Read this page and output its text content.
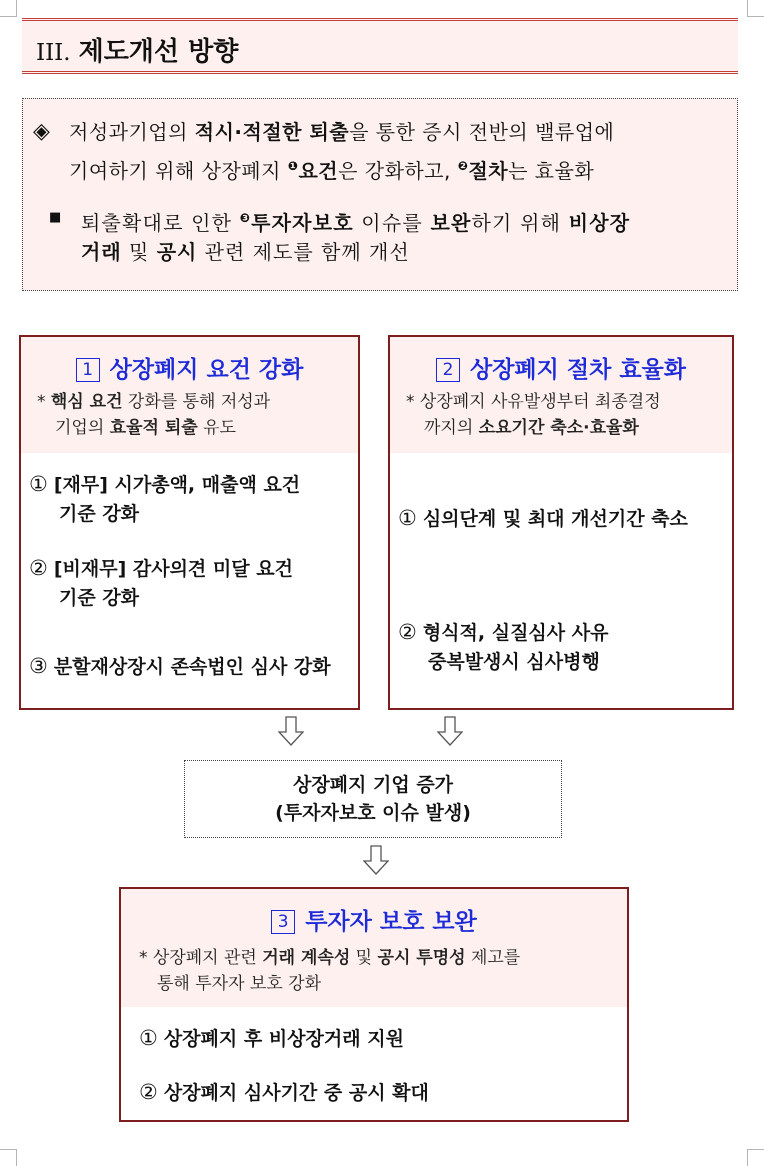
III. 제도개선 방향
◈ 저성과기업의 적시·적절한 퇴출을 통한 증시 전반의 밸류업에
기여하기 위해 상장폐지 $^❶$요건은 강화하고, $^❷$절차는 효율화
■ 퇴출확대로 인한 $^❸$투자자보호 이슈를 보완하기 위해 비상장
거래 및 공시 관련 제도를 함께 개선
1 상장폐지 요건 강화
* 핵심 요건 강화를 통해 저성과
기업의 효율적 퇴출 유도
① [재무] 시가총액, 매출액 요건
기준 강화
② [비재무] 감사의견 미달 요건
기준 강화
③ 분할재상장시 존속법인 심사 강화
2 상장폐지 절차 효율화
* 상장폐지 사유발생부터 최종결정
까지의 소요기간 축소·효율화
① 심의단계 및 최대 개선기간 축소
② 형식적, 실질심사 사유
중복발생시 심사병행
상장폐지 기업 증가
(투자자보호 이슈 발생)
3 투자자 보호 보완
* 상장폐지 관련 거래 계속성 및 공시 투명성 제고를
통해 투자자 보호 강화
① 상장폐지 후 비상장거래 지원
② 상장폐지 심사기간 중 공시 확대
